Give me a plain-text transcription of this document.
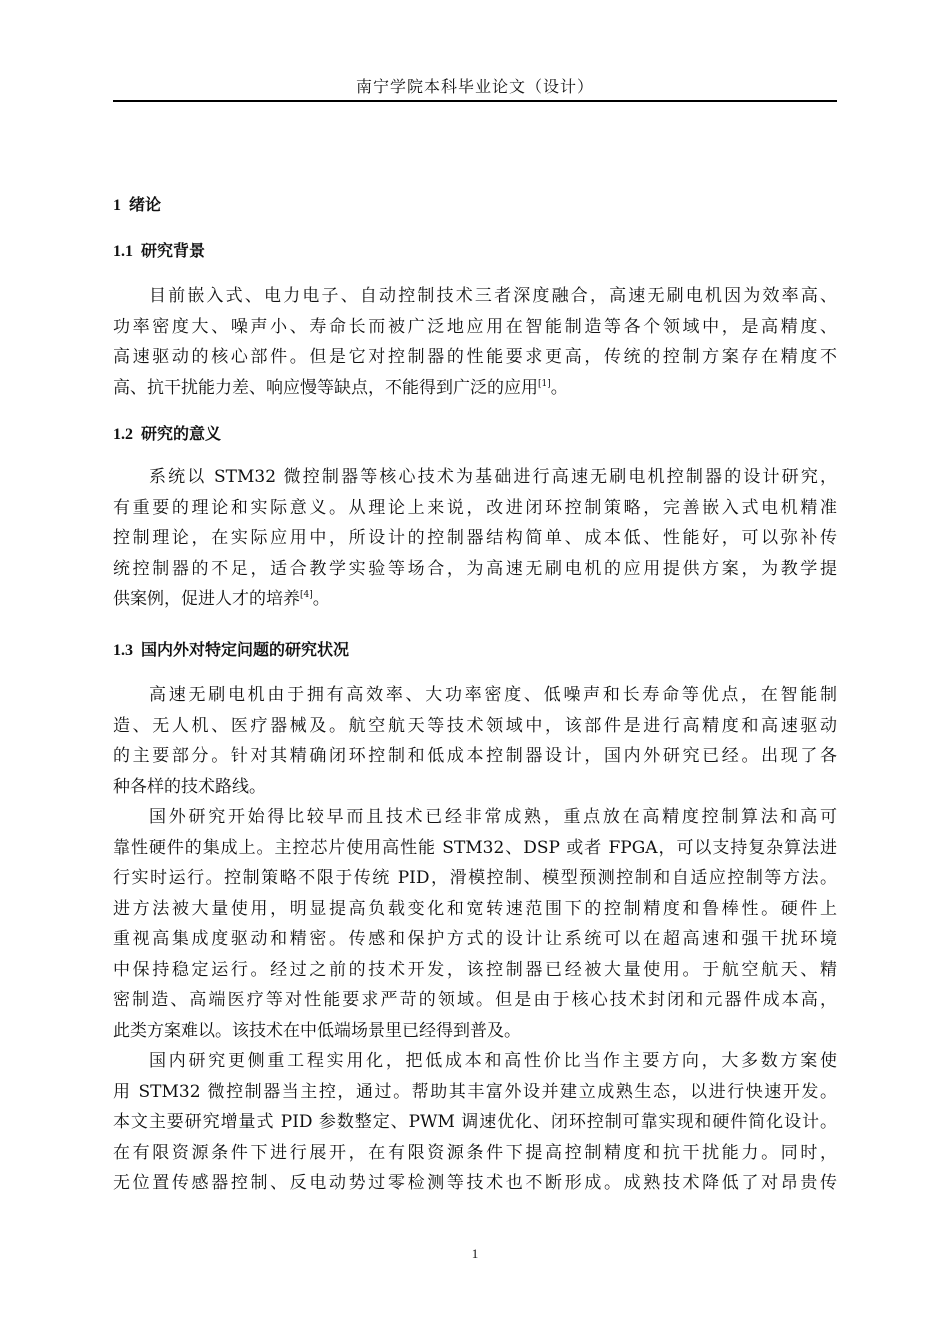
南宁学院本科毕业论文（设计）
1 绪论
1.1 研究背景
目前嵌入式、电力电子、自动控制技术三者深度融合，高速无刷电机因为效率高、
功率密度大、噪声小、寿命长而被广泛地应用在智能制造等各个领域中，是高精度、
高速驱动的核心部件。但是它对控制器的性能要求更高，传统的控制方案存在精度不
高、抗干扰能力差、响应慢等缺点，不能得到广泛的应用[1]。
1.2 研究的意义
系统以 STM32 微控制器等核心技术为基础进行高速无刷电机控制器的设计研究，
有重要的理论和实际意义。从理论上来说，改进闭环控制策略，完善嵌入式电机精准
控制理论，在实际应用中，所设计的控制器结构简单、成本低、性能好，可以弥补传
统控制器的不足，适合教学实验等场合，为高速无刷电机的应用提供方案，为教学提
供案例，促进人才的培养[4]。
1.3 国内外对特定问题的研究状况
高速无刷电机由于拥有高效率、大功率密度、低噪声和长寿命等优点，在智能制
造、无人机、医疗器械及。航空航天等技术领域中，该部件是进行高精度和高速驱动
的主要部分。针对其精确闭环控制和低成本控制器设计，国内外研究已经。出现了各
种各样的技术路线。
国外研究开始得比较早而且技术已经非常成熟，重点放在高精度控制算法和高可
靠性硬件的集成上。主控芯片使用高性能 STM32、DSP 或者 FPGA，可以支持复杂算法进
行实时运行。控制策略不限于传统 PID，滑模控制、模型预测控制和自适应控制等方法。
进方法被大量使用，明显提高负载变化和宽转速范围下的控制精度和鲁棒性。硬件上
重视高集成度驱动和精密。传感和保护方式的设计让系统可以在超高速和强干扰环境
中保持稳定运行。经过之前的技术开发，该控制器已经被大量使用。于航空航天、精
密制造、高端医疗等对性能要求严苛的领域。但是由于核心技术封闭和元器件成本高，
此类方案难以。该技术在中低端场景里已经得到普及。
国内研究更侧重工程实用化，把低成本和高性价比当作主要方向，大多数方案使
用 STM32 微控制器当主控，通过。帮助其丰富外设并建立成熟生态，以进行快速开发。
本文主要研究增量式 PID 参数整定、PWM 调速优化、闭环控制可靠实现和硬件简化设计。
在有限资源条件下进行展开，在有限资源条件下提高控制精度和抗干扰能力。同时，
无位置传感器控制、反电动势过零检测等技术也不断形成。成熟技术降低了对昂贵传
1
